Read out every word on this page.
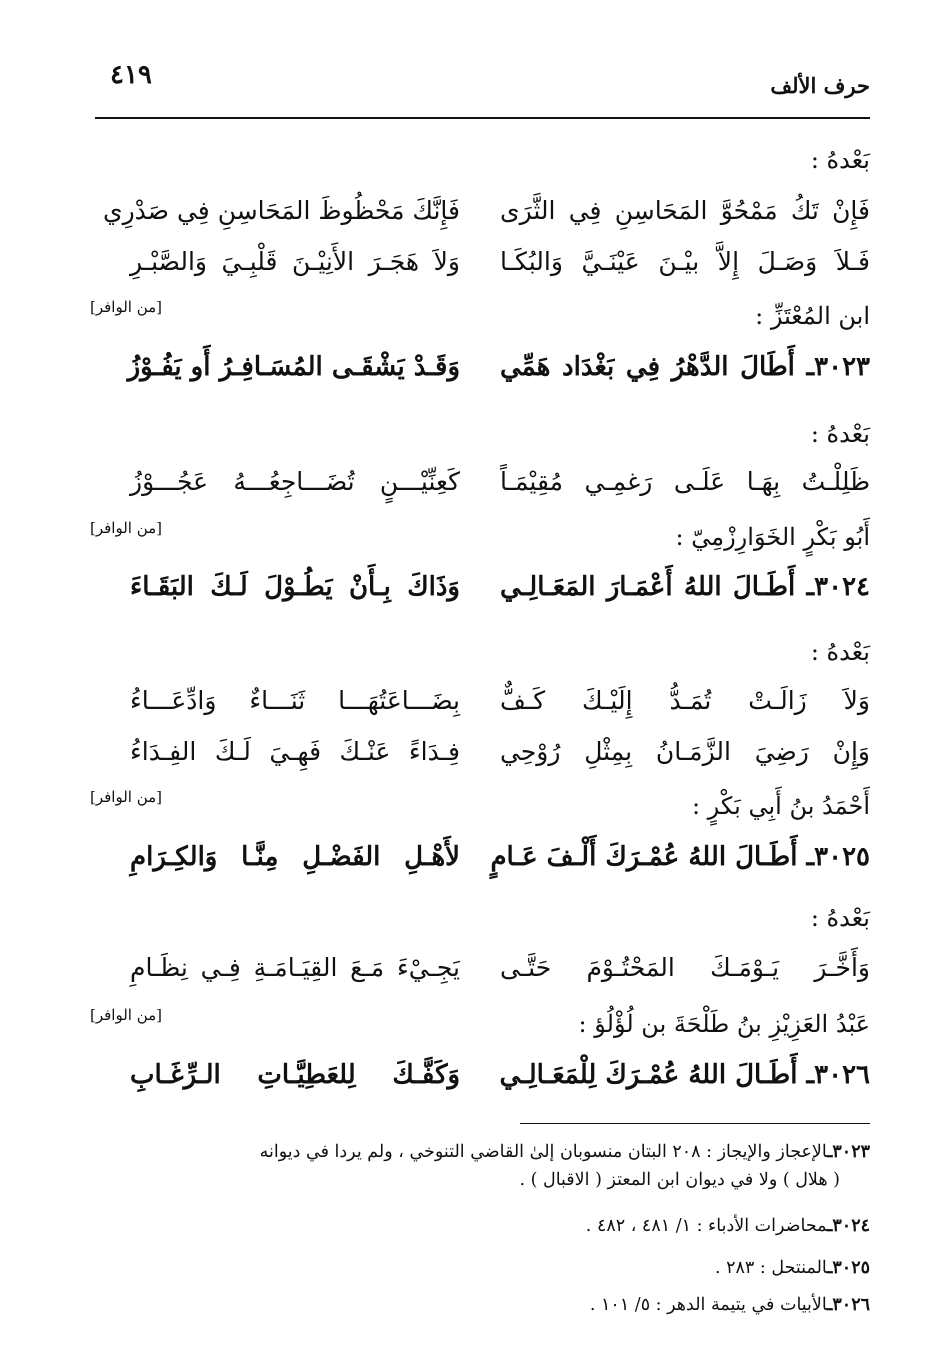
حرف الألف
٤١٩
بَعْدهُ :
فَإِنْ تَكُ مَمْحُوَّ المَحَاسِنِ فِي الثَّرَى
فَإِنَّكَ مَحْظُوظَ المَحَاسِنِ فِي صَدْرِي
فَـلاَ وَصَـلَ إِلاَّ بيْـنَ عَيْنَـيَّ وَالبُكَـا
وَلاَ هَجَـرَ الأَنِيْـنَ قَلْبِـيَ وَالصَّبْـرِ
ابن المُعْتَزِّ :
[من الوافر]
٣٠٢٣ـ أَطَالَ الدَّهْرُ فِي بَغْدَاد هَمِّي
وَقَـدْ يَشْقَـى المُسَـافِـرُ أَو يَفُـوْزُ
بَعْدهُ :
ظَلِلْـتُ بِهَـا عَلَـى رَغمِـي مُقِيْمَـاً
كَعِنِّيْـــنٍ تُضَـــاجِعُـــهُ عَجُـــوْزُ
أَبُو بَكْرٍ الخَوَارِزْمِيّ :
[من الوافر]
٣٠٢٤ـ أَطَـالَ اللهُ أَعْمَـارَ المَعَـالِـي
وَذَاكَ بِـأَنْ يَطُـوْلَ لَـكَ البَقَـاءَ
بَعْدهُ :
وَلاَ زَالَـتْ تُمَـدُّ إِلَيْـكَ كَـفٌّ
بِضَـــاعَتُهَـــا ثَنَـــاءٌ وَادِّعَـــاءُ
وَإِنْ رَضِيَ الزَّمَـانُ بِمِثْلِ رُوْحِي
فِـدَاءً عَنْـكَ فَهِـيَ لَـكَ الفِـدَاءُ
أَحْمَدُ بنُ أَبِي بَكْرٍ :
[من الوافر]
٣٠٢٥ـ أَطَـالَ اللهُ عُمْـرَكَ أَلْـفَ عَـامٍ
لأَهْـلِ الفَضْـلِ مِنَّـا وَالكِـرَامِ
بَعْدهُ :
وَأَخَّـرَ يَـوْمَـكَ المَحْتُـوْمَ حَتَّـى
يَجِـيْءَ مَـعَ القِيَـامَـةِ فِـي نِظَـامِ
عَبْدُ العَزِيْزِ بنُ طَلْحَةَ بن لُؤْلُؤ :
[من الوافر]
٣٠٢٦ـ أَطَـالَ اللهُ عُمْـرَكَ لِلْمَعَـالِـي
وَكَفَّـكَ لِلعَطِيَّـاتِ الـرِّغَـابِ
٣٠٢٣ـالإعجاز والإيجاز : ٢٠٨ البتان منسوبان إلىٰ القاضي التنوخي ، ولم يردا في ديوانه
( هلال ) ولا في ديوان ابن المعتز ( الاقبال ) .
٣٠٢٤ـمحاضرات الأدباء : ١/ ٤٨١ ، ٤٨٢ .
٣٠٢٥ـالمنتحل : ٢٨٣ .
٣٠٢٦ـالأبيات في يتيمة الدهر : ٥/ ١٠١ .
